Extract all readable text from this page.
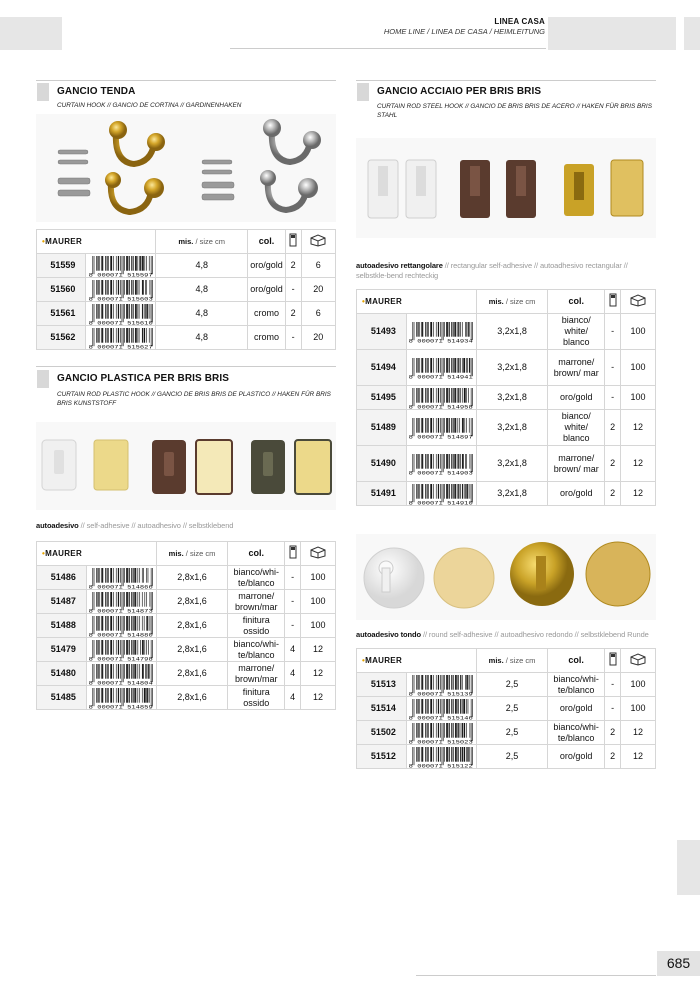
LINEA CASA
HOME LINE / LINEA DE CASA / HEIMLEITUNG
GANCIO TENDA
CURTAIN HOOK // GANCIO DE CORTINA // GARDINENHAKEN
•MAURER		mis. / size cm	col.		
51559	8 000071 515597	4,8	oro/gold	2	6
51560	8 000071 515603	4,8	oro/gold	-	20
51561	8 000071 515610	4,8	cromo	2	6
51562	8 000071 515627	4,8	cromo	-	20
GANCIO PLASTICA PER BRIS BRIS
CURTAIN ROD PLASTIC HOOK // GANCIO DE BRIS BRIS DE PLASTICO // HAKEN FÜR BRIS BRIS KUNSTSTOFF
autoadesivo // self-adhesive // autoadhesivo // selbstklebend
•MAURER		mis. / size cm	col.		
51486	8 000071 514866	2,8x1,6	bianco/whi-te/blanco	-	100
51487	8 000071 514873	2,8x1,6	marrone/ brown/mar	-	100
51488	8 000071 514880	2,8x1,6	finitura ossido	-	100
51479	8 000071 514798	2,8x1,6	bianco/whi-te/blanco	4	12
51480	8 000071 514804	2,8x1,6	marrone/ brown/mar	4	12
51485	8 000071 514859	2,8x1,6	finitura ossido	4	12
GANCIO ACCIAIO PER BRIS BRIS
CURTAIN ROD STEEL HOOK // GANCIO DE BRIS BRIS DE ACERO // HAKEN FÜR BRIS BRIS STAHL
autoadesivo rettangolare // rectangular self-adhesive // autoadhesivo rectangular // selbstkle-bend rechteckig
•MAURER		mis. / size cm	col.		
51493	8 000071 514934	3,2x1,8	bianco/ white/ blanco	-	100
51494	8 000071 514941	3,2x1,8	marrone/ brown/ mar	-	100
51495	8 000071 514958	3,2x1,8	oro/gold	-	100
51489	8 000071 514897	3,2x1,8	bianco/ white/ blanco	2	12
51490	8 000071 514903	3,2x1,8	marrone/ brown/ mar	2	12
51491	8 000071 514910	3,2x1,8	oro/gold	2	12
autoadesivo tondo // round self-adhesive // autoadhesivo redondo // selbstklebend Runde
•MAURER		mis. / size cm	col.		
51513	8 000071 515139	2,5	bianco/whi-te/blanco	-	100
51514	8 000071 515146	2,5	oro/gold	-	100
51502	8 000071 515023	2,5	bianco/whi-te/blanco	2	12
51512	8 000071 515122	2,5	oro/gold	2	12
685
